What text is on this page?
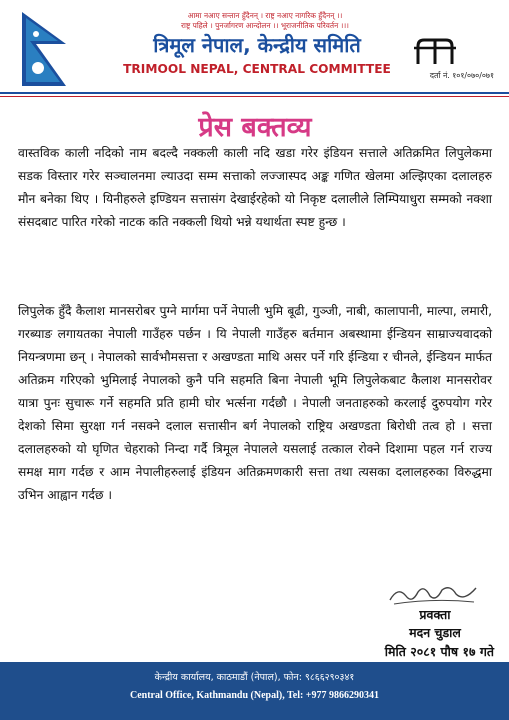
आमा नआए सन्तान हुँदैनन् । राष्ट्र नआए नागरिक हुँदैनन् ।।
राष्ट्र पहिले । पुनर्जागरण आन्दोलन ।। भूराजनीतिक परिवर्तन ।।।
त्रिमूल नेपाल, केन्द्रीय समिति
TRIMOOL NEPAL, CENTRAL COMMITTEE	दर्ता नं. १०१/०७०/०७१
प्रेस बक्तव्य
वास्तविक काली नदिको नाम बदल्दै नक्कली काली नदि खडा गरेर इंडियन सत्ताले अतिक्रमित लिपुलेकमा सडक विस्तार गरेर सञ्चालनमा ल्याउदा सम्म सत्ताको लज्जास्पद अङ्क गणित खेलमा अल्झिएका दलालहरु मौन बनेका थिए । यिनीहरुले इण्डियन सत्तासंग देखाईरहेको यो निकृष्ट दलालीले लिम्पियाधुरा सम्मको नक्शा संसदबाट पारित गरेको नाटक कति नक्कली थियो भन्ने यथार्थता स्पष्ट हुन्छ ।
लिपुलेक हुँदै कैलाश मानसरोबर पुग्ने मार्गमा पर्ने नेपाली भुमि बूढी, गुञ्जी, नाबी, कालापानी, माल्पा, लमारी, गरब्याङ लगायतका नेपाली गाउँहरु पर्छन । यि नेपाली गाउँहरु बर्तमान अबस्थामा ईन्डियन साम्राज्यवादको नियन्त्रणमा छन् । नेपालको सार्वभौमसत्ता र अखण्डता माथि असर पर्ने गरि ईन्डिया र चीनले, ईन्डियन मार्फत अतिक्रम गरिएको भुमिलाई नेपालको कुनै पनि सहमति बिना नेपाली भूमि लिपुलेकबाट कैलाश मानसरोवर यात्रा पुनः सुचारू गर्ने सहमति प्रति हामी घोर भर्त्सना गर्दछौ । नेपाली जनताहरुको करलाई दुरुपयोग गरेर देशको सिमा सुरक्षा गर्न नसक्ने दलाल सत्तासीन बर्ग नेपालको राष्ट्रिय अखण्डता बिरोधी तत्व हो । सत्ता दलालहरुको यो घृणित चेहराको निन्दा गर्दै त्रिमूल नेपालले यसलाई तत्काल रोक्ने दिशामा पहल गर्न राज्य समक्ष माग गर्दछ र आम नेपालीहरुलाई इंडियन अतिक्रमणकारी सत्ता तथा त्यसका दलालहरुका विरुद्धमा उभिन आह्वान गर्दछ ।
प्रवक्ता
मदन चुडाल
मिति २०८१ पौष १७ गते
केन्द्रीय कार्यालय, काठमाडौं (नेपाल), फोन: ९८६६२९०३४१
Central Office, Kathmandu (Nepal), Tel: +977 9866290341
